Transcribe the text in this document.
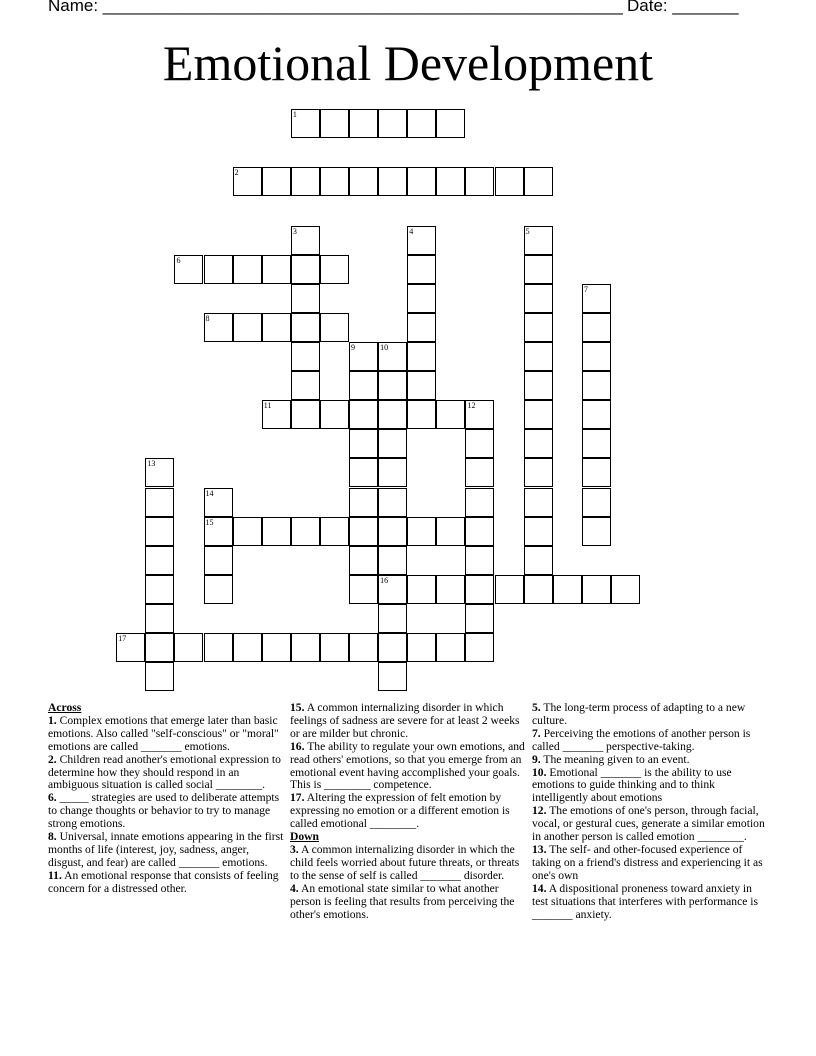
Name: _______________________________________________________ Date: _______
Emotional Development
1
2
3	4	5
6
7
8
9	10
16
11	12
13
14
15
17

Across

1. Complex emotions that emerge later than basic emotions. Also called "self-conscious" or "moral" emotions are called _______ emotions.

2. Children read another's emotional expression to determine how they should respond in an ambiguous situation is called social ________.

6. _____ strategies are used to deliberate attempts to change thoughts or behavior to try to manage strong emotions.

8. Universal, innate emotions appearing in the first months of life (interest, joy, sadness, anger, disgust, and fear) are called _______ emotions.

11. An emotional response that consists of feeling concern for a distressed other.

15. A common internalizing disorder in which feelings of sadness are severe for at least 2 weeks or are milder but chronic.

16. The ability to regulate your own emotions, and read others' emotions, so that you emerge from an emotional event having accomplished your goals. This is ________ competence.

17. Altering the expression of felt emotion by expressing no emotion or a different emotion is called emotional ________.

Down

3. A common internalizing disorder in which the child feels worried about future threats, or threats to the sense of self is called _______ disorder.

4. An emotional state similar to what another person is feeling that results from perceiving the other's emotions.

5. The long-term process of adapting to a new culture.

7. Perceiving the emotions of another person is called _______ perspective-taking.

9. The meaning given to an event.

10. Emotional _______ is the ability to use emotions to guide thinking and to think intelligently about emotions

12. The emotions of one's person, through facial, vocal, or gestural cues, generate a similar emotion in another person is called emotion ________.

13. The self- and other-focused experience of taking on a friend's distress and experiencing it as one's own

14. A dispositional proneness toward anxiety in test situations that interferes with performance is _______ anxiety.
